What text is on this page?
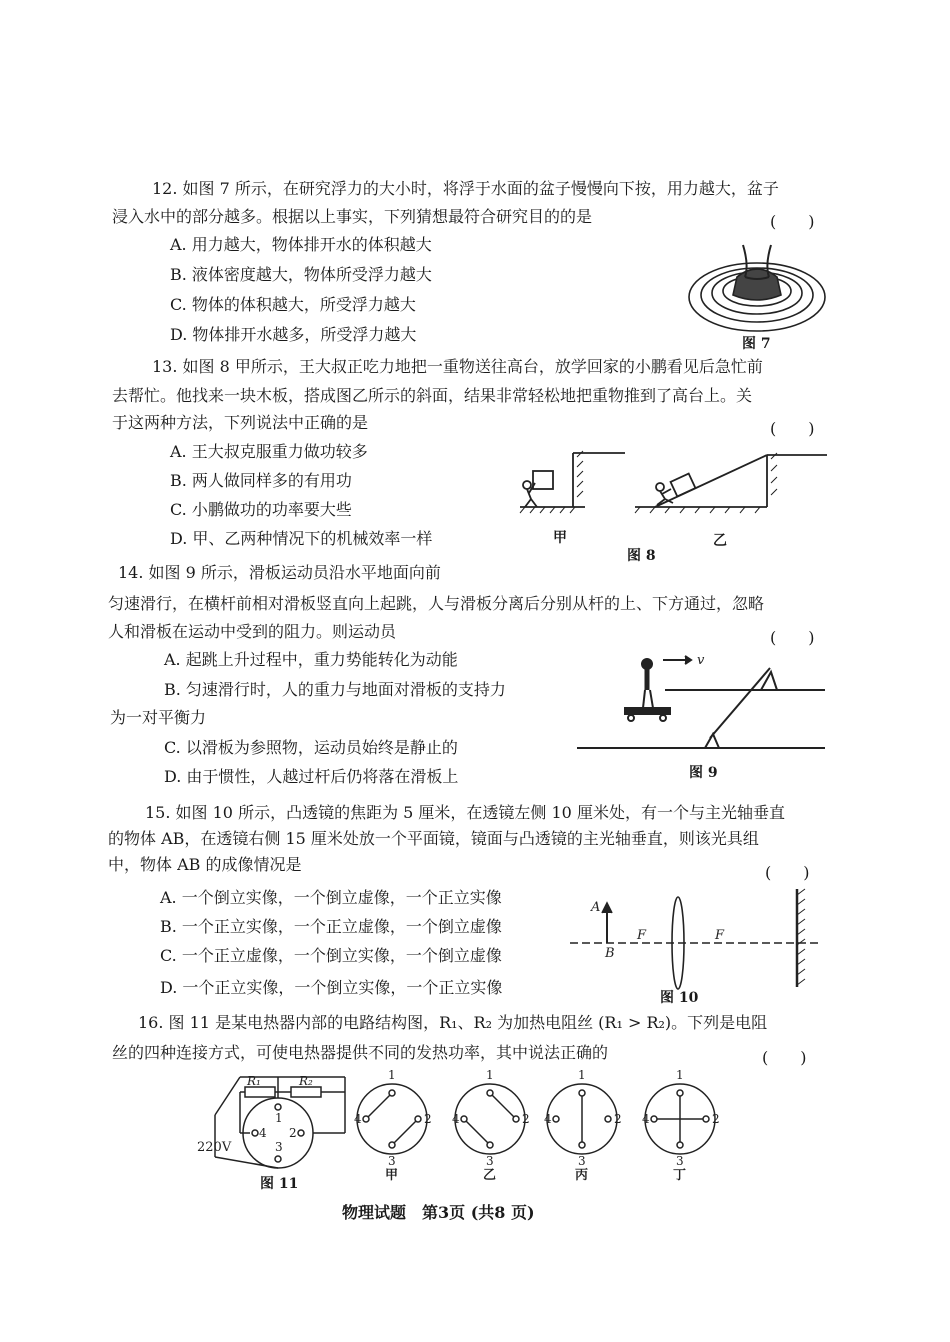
12. 如图 7 所示，在研究浮力的大小时，将浮于水面的盆子慢慢向下按，用力越大，盆子
浸入水中的部分越多。根据以上事实，下列猜想最符合研究目的的是	(　　)
A. 用力越大，物体排开水的体积越大
B. 液体密度越大，物体所受浮力越大
C. 物体的体积越大，所受浮力越大
D. 物体排开水越多，所受浮力越大	图 7
13. 如图 8 甲所示，王大叔正吃力地把一重物送往高台，放学回家的小鹏看见后急忙前
去帮忙。他找来一块木板，搭成图乙所示的斜面，结果非常轻松地把重物推到了高台上。关
于这两种方法，下列说法中正确的是	(　　)
A. 王大叔克服重力做功较多
B. 两人做同样多的有用功
C. 小鹏做功的功率要大些
D. 甲、乙两种情况下的机械效率一样	甲	乙
图 8
14. 如图 9 所示，滑板运动员沿水平地面向前
匀速滑行，在横杆前相对滑板竖直向上起跳，人与滑板分离后分别从杆的上、下方通过，忽略
人和滑板在运动中受到的阻力。则运动员	(　　)
A. 起跳上升过程中，重力势能转化为动能
B. 匀速滑行时，人的重力与地面对滑板的支持力
为一对平衡力
C. 以滑板为参照物，运动员始终是静止的
D. 由于惯性，人越过杆后仍将落在滑板上
v
图 9
15. 如图 10 所示，凸透镜的焦距为 5 厘米，在透镜左侧 10 厘米处，有一个与主光轴垂直
的物体 AB，在透镜右侧 15 厘米处放一个平面镜，镜面与凸透镜的主光轴垂直，则该光具组
中，物体 AB 的成像情况是	(　　)
A. 一个倒立实像，一个倒立虚像，一个正立实像
B. 一个正立实像，一个正立虚像，一个倒立虚像
C. 一个正立虚像，一个倒立实像，一个倒立虚像
D. 一个正立实像，一个倒立实像，一个正立实像
A
B
F	F
图 10
16. 图 11 是某电热器内部的电路结构图，R₁、R₂ 为加热电阻丝 (R₁ > R₂)。下列是电阻
丝的四种连接方式，可使电热器提供不同的发热功率，其中说法正确的	(　　)
R₁	R₂
220V
1
4 2
3
1
4	2
3
1
4	2
3
1
4	2
3
1
4	2
3
甲	乙	丙	丁
图 11
物理试题　第3页 (共8 页)
